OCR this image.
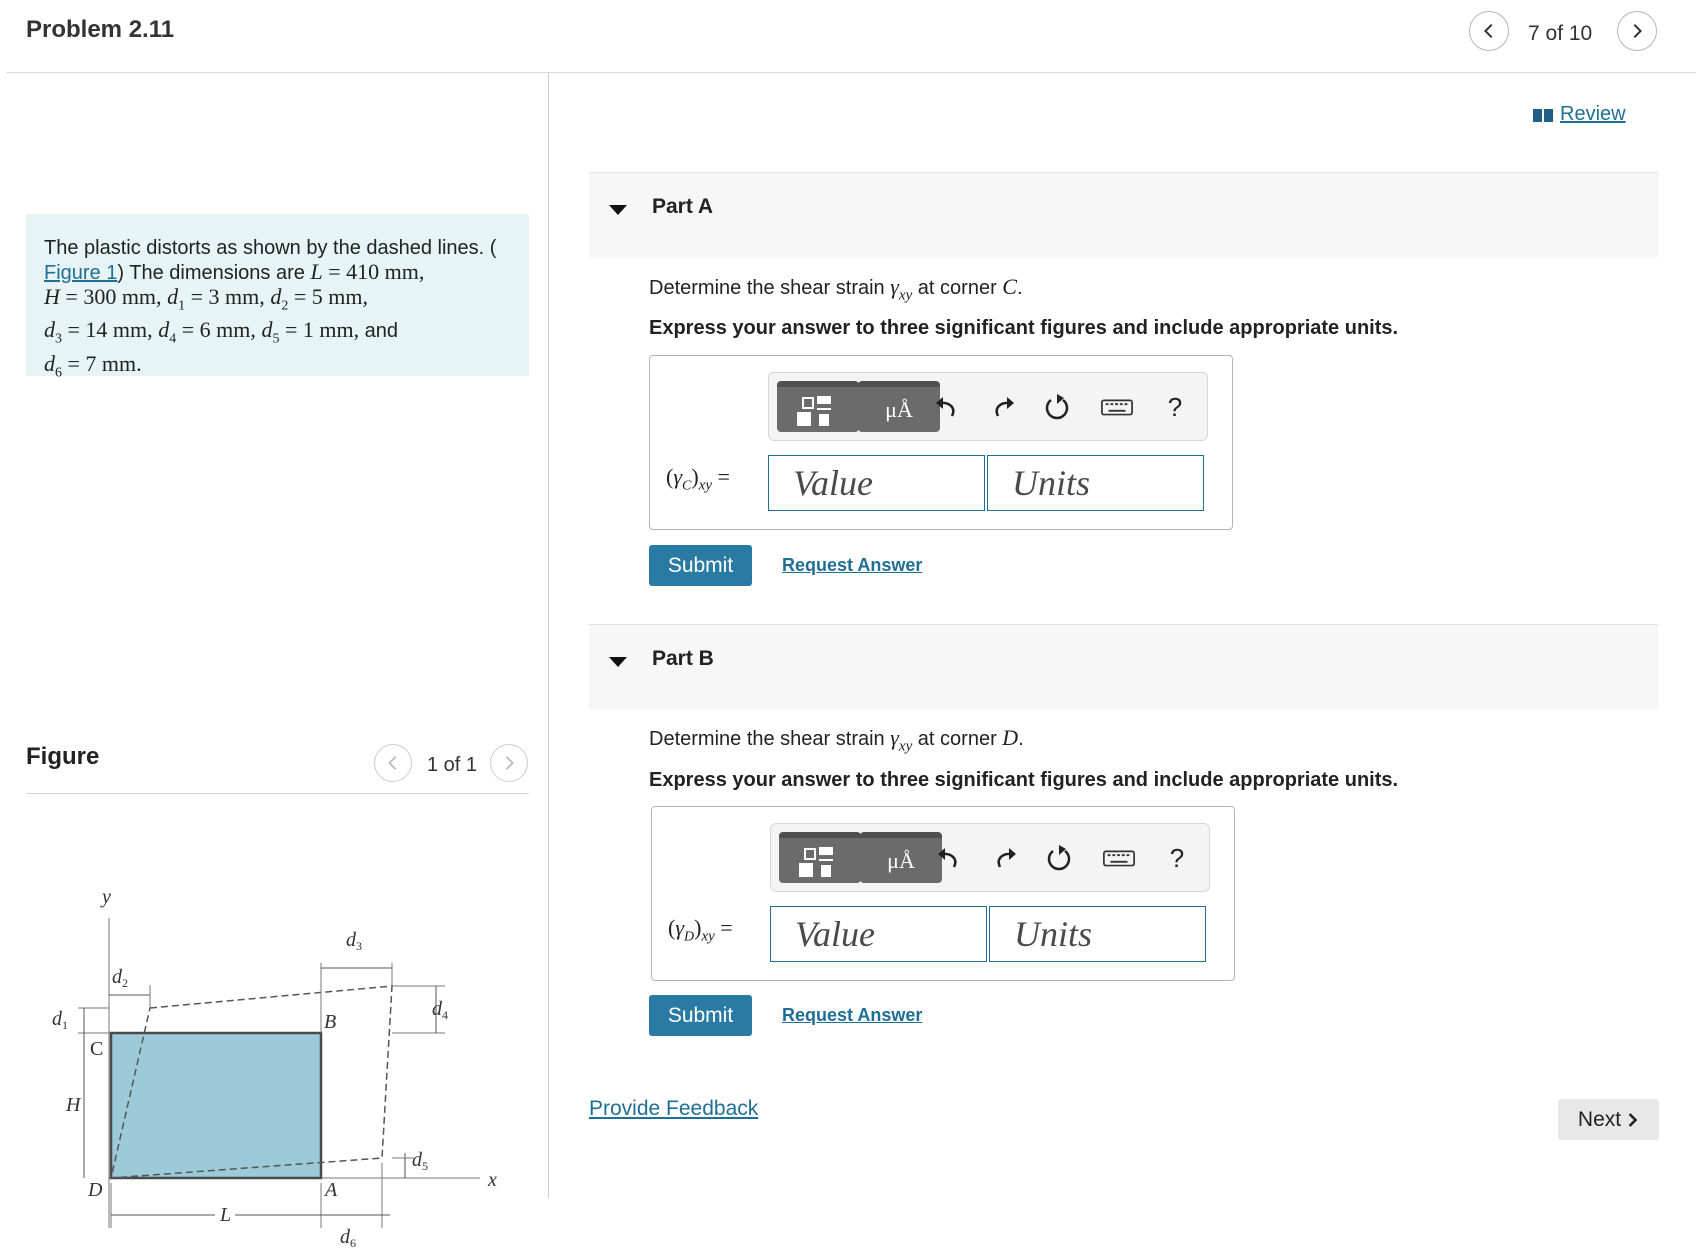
Problem 2.11	7 of 10
The plastic distorts as shown by the dashed lines. (
Figure 1) The dimensions are L = 410 mm,
H = 300 mm, $d_1 = 3$ mm, $d_2 = 5$ mm,
$d_3 = 14$ mm, $d_4 = 6$ mm, $d_5 = 1$ mm, and
$d_6 = 7$ mm.
Figure	1 of 1
y
x
C
B
A
D
$d_1$
H
$d_2$
$d_3$
$d_4$
$d_5$
L
$d_6$
Review
Part A
Determine the shear strain $\gamma_{xy}$ at corner C.
Express your answer to three significant figures and include appropriate units.
μÅ	?
$(\gamma_C)_{xy}$ =
Value
Units
Submit	Request Answer
Part B
Determine the shear strain $\gamma_{xy}$ at corner D.
Express your answer to three significant figures and include appropriate units.
μÅ	?
$(\gamma_D)_{xy}$ =
Value
Units
Submit	Request Answer
Provide Feedback	Next
